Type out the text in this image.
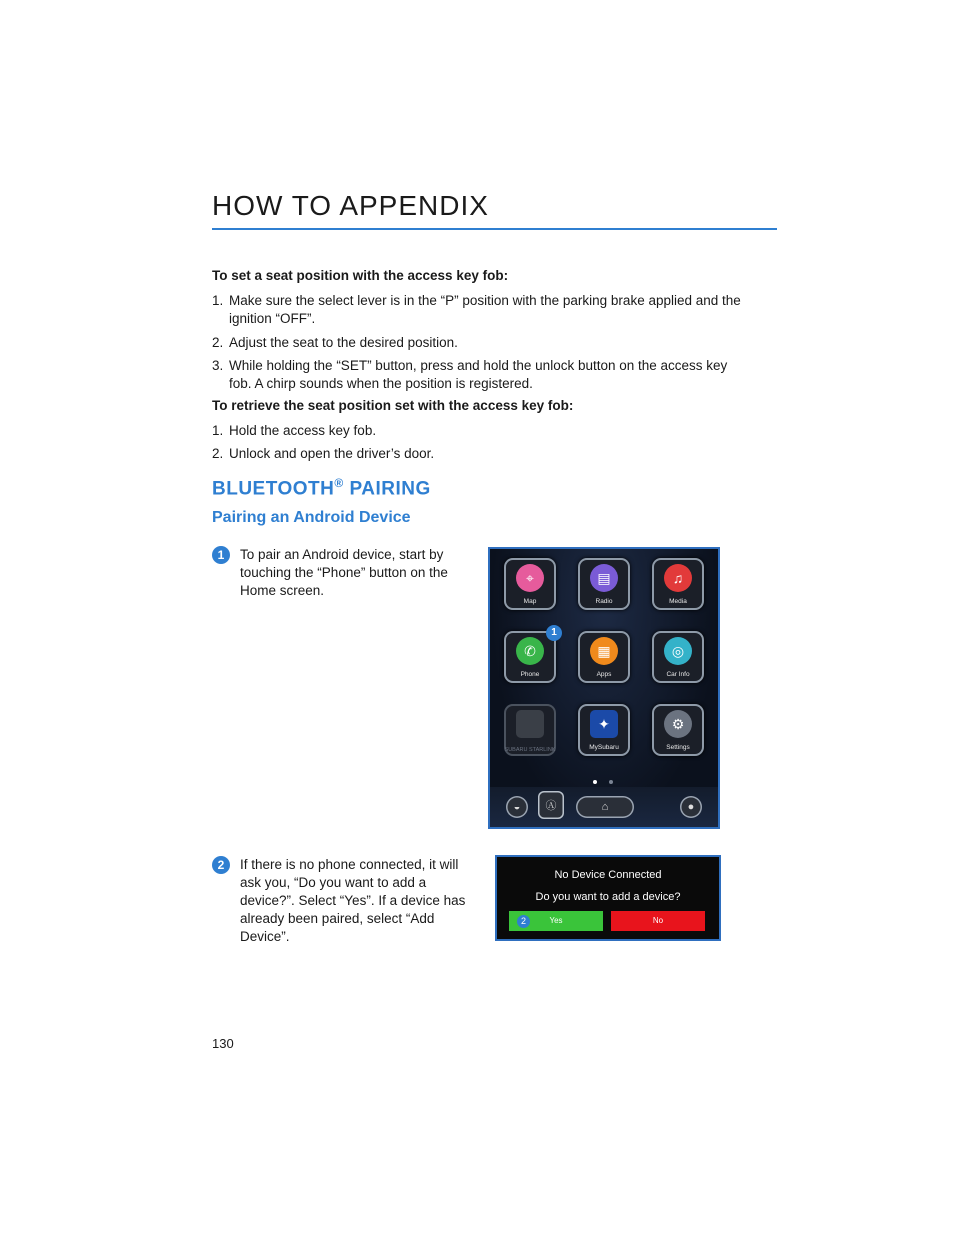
HOW TO APPENDIX

To set a seat position with the access key fob:

1. Make sure the select lever is in the “P” position with the parking brake applied and the ignition “OFF”.
2. Adjust the seat to the desired position.
3. While holding the “SET” button, press and hold the unlock button on the access key fob. A chirp sounds when the position is registered.

To retrieve the seat position set with the access key fob:

1. Hold the access key fob.
2. Unlock and open the driver’s door.
BLUETOOTH® PAIRING
Pairing an Android Device
1	To pair an Android device, start by touching the “Phone” button on the Home screen.
⌖
Map
▤
Radio
♫
Media
✆
Phone
1
▦
Apps
◎
Car Info
SUBARU STARLINK
✦
MySubaru
⚙
Settings
◒	Ⓐ	⌂	●
2	If there is no phone connected, it will ask you, “Do you want to add a device?”. Select “Yes”. If a device has already been paired, select “Add Device”.
No Device Connected
Do you want to add a device?
Yes	No
2
130
